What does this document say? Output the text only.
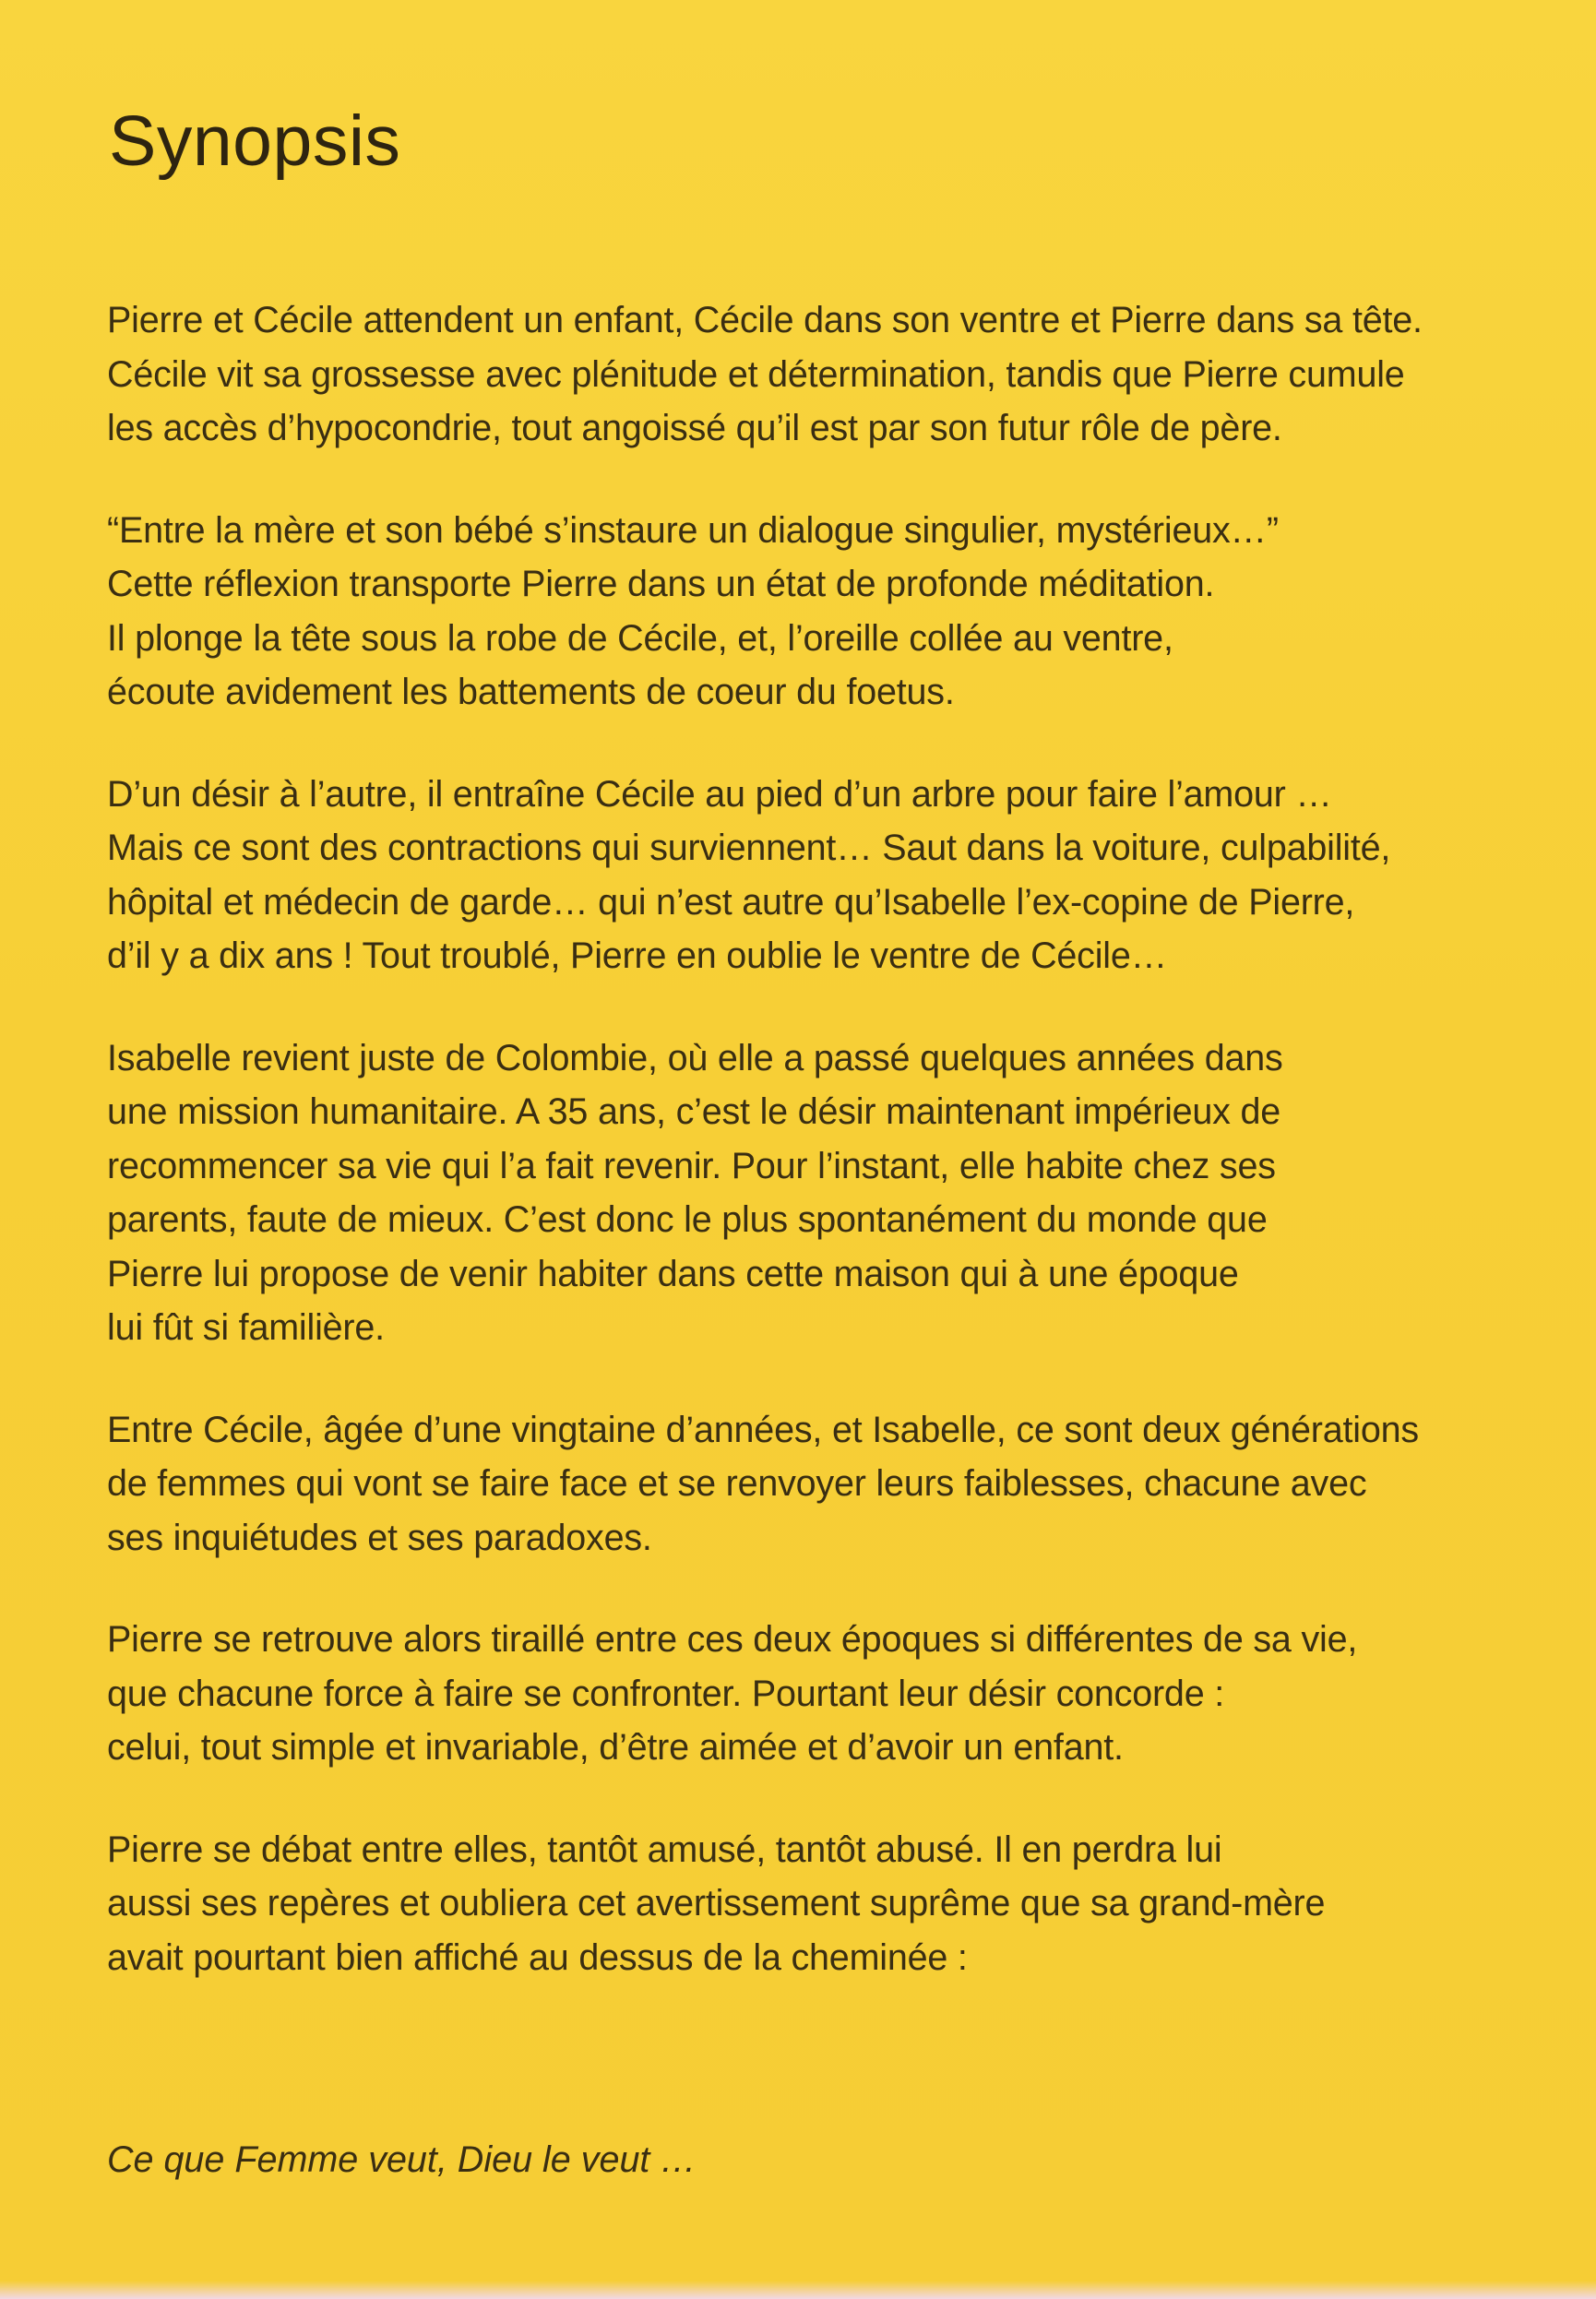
Synopsis

Pierre et Cécile attendent un enfant, Cécile dans son ventre et Pierre dans sa tête.
Cécile vit sa grossesse avec plénitude et détermination, tandis que Pierre cumule
les accès d’hypocondrie, tout angoissé qu’il est par son futur rôle de père.

“Entre la mère et son bébé s’instaure un dialogue singulier, mystérieux…”
Cette réflexion transporte Pierre dans un état de profonde méditation.
Il plonge la tête sous la robe de Cécile, et, l’oreille collée au ventre,
écoute avidement les battements de coeur du foetus.

D’un désir à l’autre, il entraîne Cécile au pied d’un arbre pour faire l’amour …
Mais ce sont des contractions qui surviennent… Saut dans la voiture, culpabilité,
hôpital et médecin de garde… qui n’est autre qu’Isabelle l’ex-copine de Pierre,
d’il y a dix ans ! Tout troublé, Pierre en oublie le ventre de Cécile…

Isabelle revient juste de Colombie, où elle a passé quelques années dans
une mission humanitaire. A 35 ans, c’est le désir maintenant impérieux de
recommencer sa vie qui l’a fait revenir. Pour l’instant, elle habite chez ses
parents, faute de mieux. C’est donc le plus spontanément du monde que
Pierre lui propose de venir habiter dans cette maison qui à une époque
lui fût si familière.

Entre Cécile, âgée d’une vingtaine d’années, et Isabelle, ce sont deux générations
de femmes qui vont se faire face et se renvoyer leurs faiblesses, chacune avec
ses inquiétudes et ses paradoxes.

Pierre se retrouve alors tiraillé entre ces deux époques si différentes de sa vie,
que chacune force à faire se confronter. Pourtant leur désir concorde :
celui, tout simple et invariable, d’être aimée et d’avoir un enfant.

Pierre se débat entre elles, tantôt amusé, tantôt abusé. Il en perdra lui
aussi ses repères et oubliera cet avertissement suprême que sa grand-mère
avait pourtant bien affiché au dessus de la cheminée :

Ce que Femme veut, Dieu le veut …
